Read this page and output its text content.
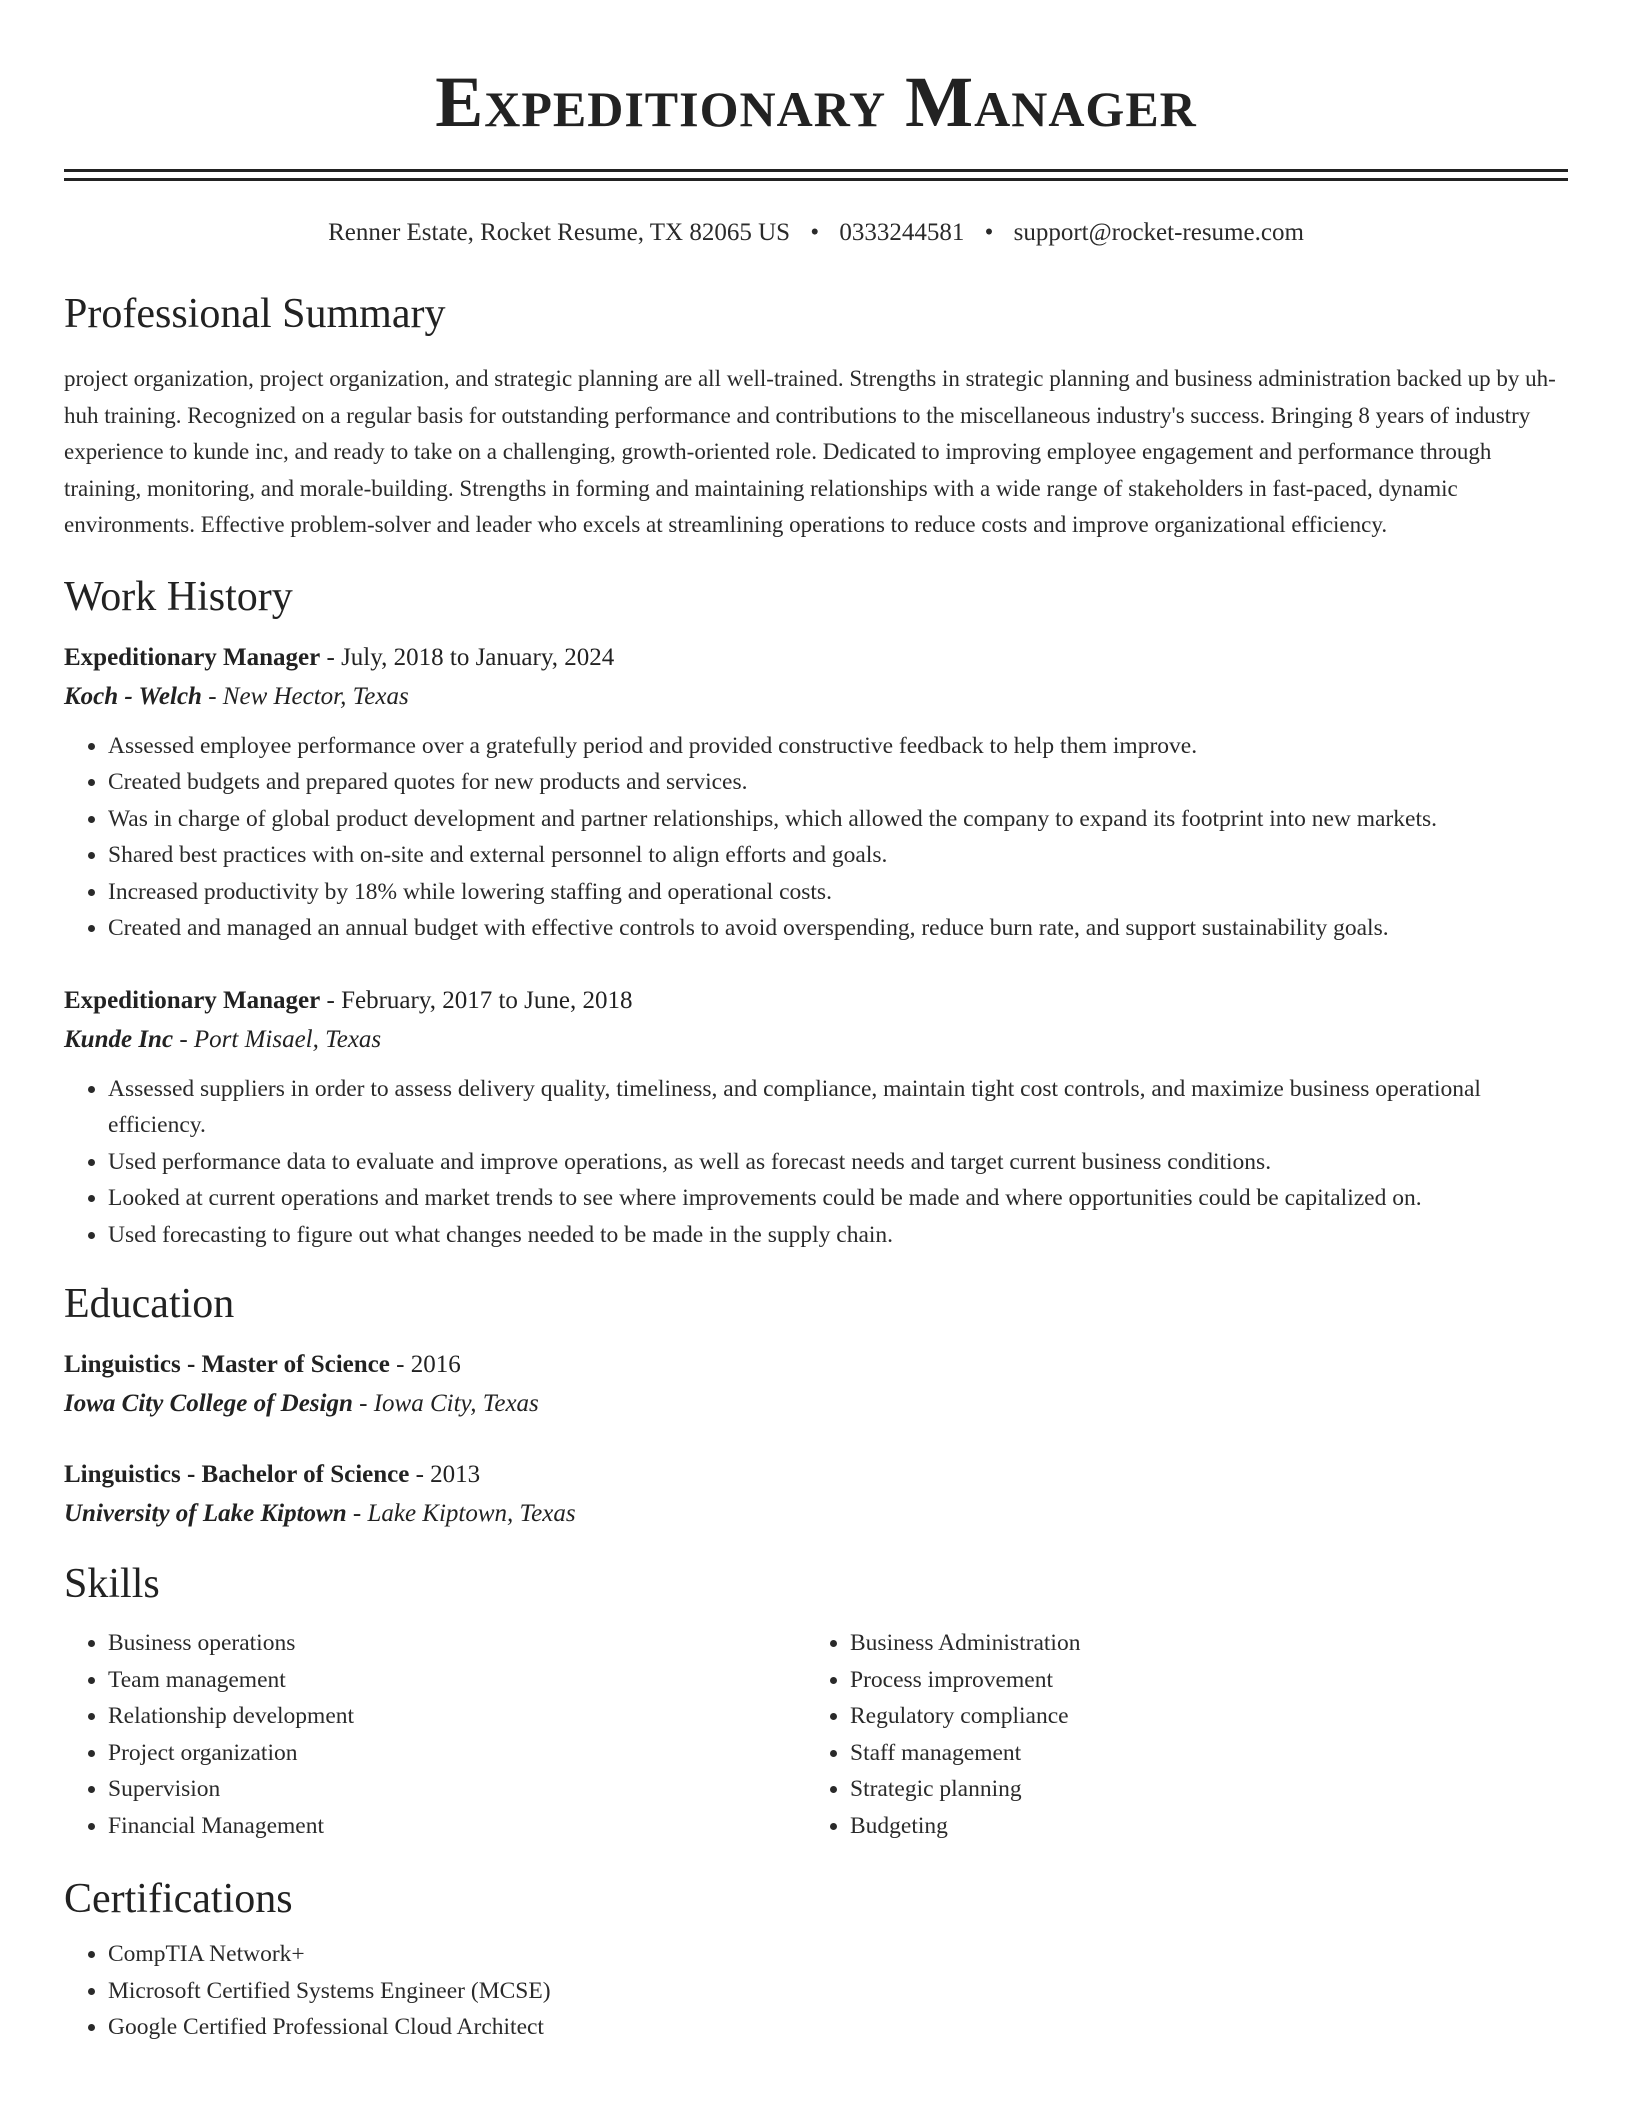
Expeditionary Manager
Renner Estate, Rocket Resume, TX 82065 US • 0333244581 • support@rocket-resume.com
Professional Summary
project organization, project organization, and strategic planning are all well-trained. Strengths in strategic planning and business administration backed up by uh-huh training. Recognized on a regular basis for outstanding performance and contributions to the miscellaneous industry's success. Bringing 8 years of industry experience to kunde inc, and ready to take on a challenging, growth-oriented role. Dedicated to improving employee engagement and performance through training, monitoring, and morale-building. Strengths in forming and maintaining relationships with a wide range of stakeholders in fast-paced, dynamic environments. Effective problem-solver and leader who excels at streamlining operations to reduce costs and improve organizational efficiency.
Work History
Expeditionary Manager - July, 2018 to January, 2024
Koch - Welch - New Hector, Texas
• Assessed employee performance over a gratefully period and provided constructive feedback to help them improve.
• Created budgets and prepared quotes for new products and services.
• Was in charge of global product development and partner relationships, which allowed the company to expand its footprint into new markets.
• Shared best practices with on-site and external personnel to align efforts and goals.
• Increased productivity by 18% while lowering staffing and operational costs.
• Created and managed an annual budget with effective controls to avoid overspending, reduce burn rate, and support sustainability goals.
Expeditionary Manager - February, 2017 to June, 2018
Kunde Inc - Port Misael, Texas
• Assessed suppliers in order to assess delivery quality, timeliness, and compliance, maintain tight cost controls, and maximize business operational efficiency.
• Used performance data to evaluate and improve operations, as well as forecast needs and target current business conditions.
• Looked at current operations and market trends to see where improvements could be made and where opportunities could be capitalized on.
• Used forecasting to figure out what changes needed to be made in the supply chain.
Education
Linguistics - Master of Science - 2016
Iowa City College of Design - Iowa City, Texas
Linguistics - Bachelor of Science - 2013
University of Lake Kiptown - Lake Kiptown, Texas
Skills
• Business operations
• Team management
• Relationship development
• Project organization
• Supervision
• Financial Management
• Business Administration
• Process improvement
• Regulatory compliance
• Staff management
• Strategic planning
• Budgeting
Certifications
• CompTIA Network+
• Microsoft Certified Systems Engineer (MCSE)
• Google Certified Professional Cloud Architect
